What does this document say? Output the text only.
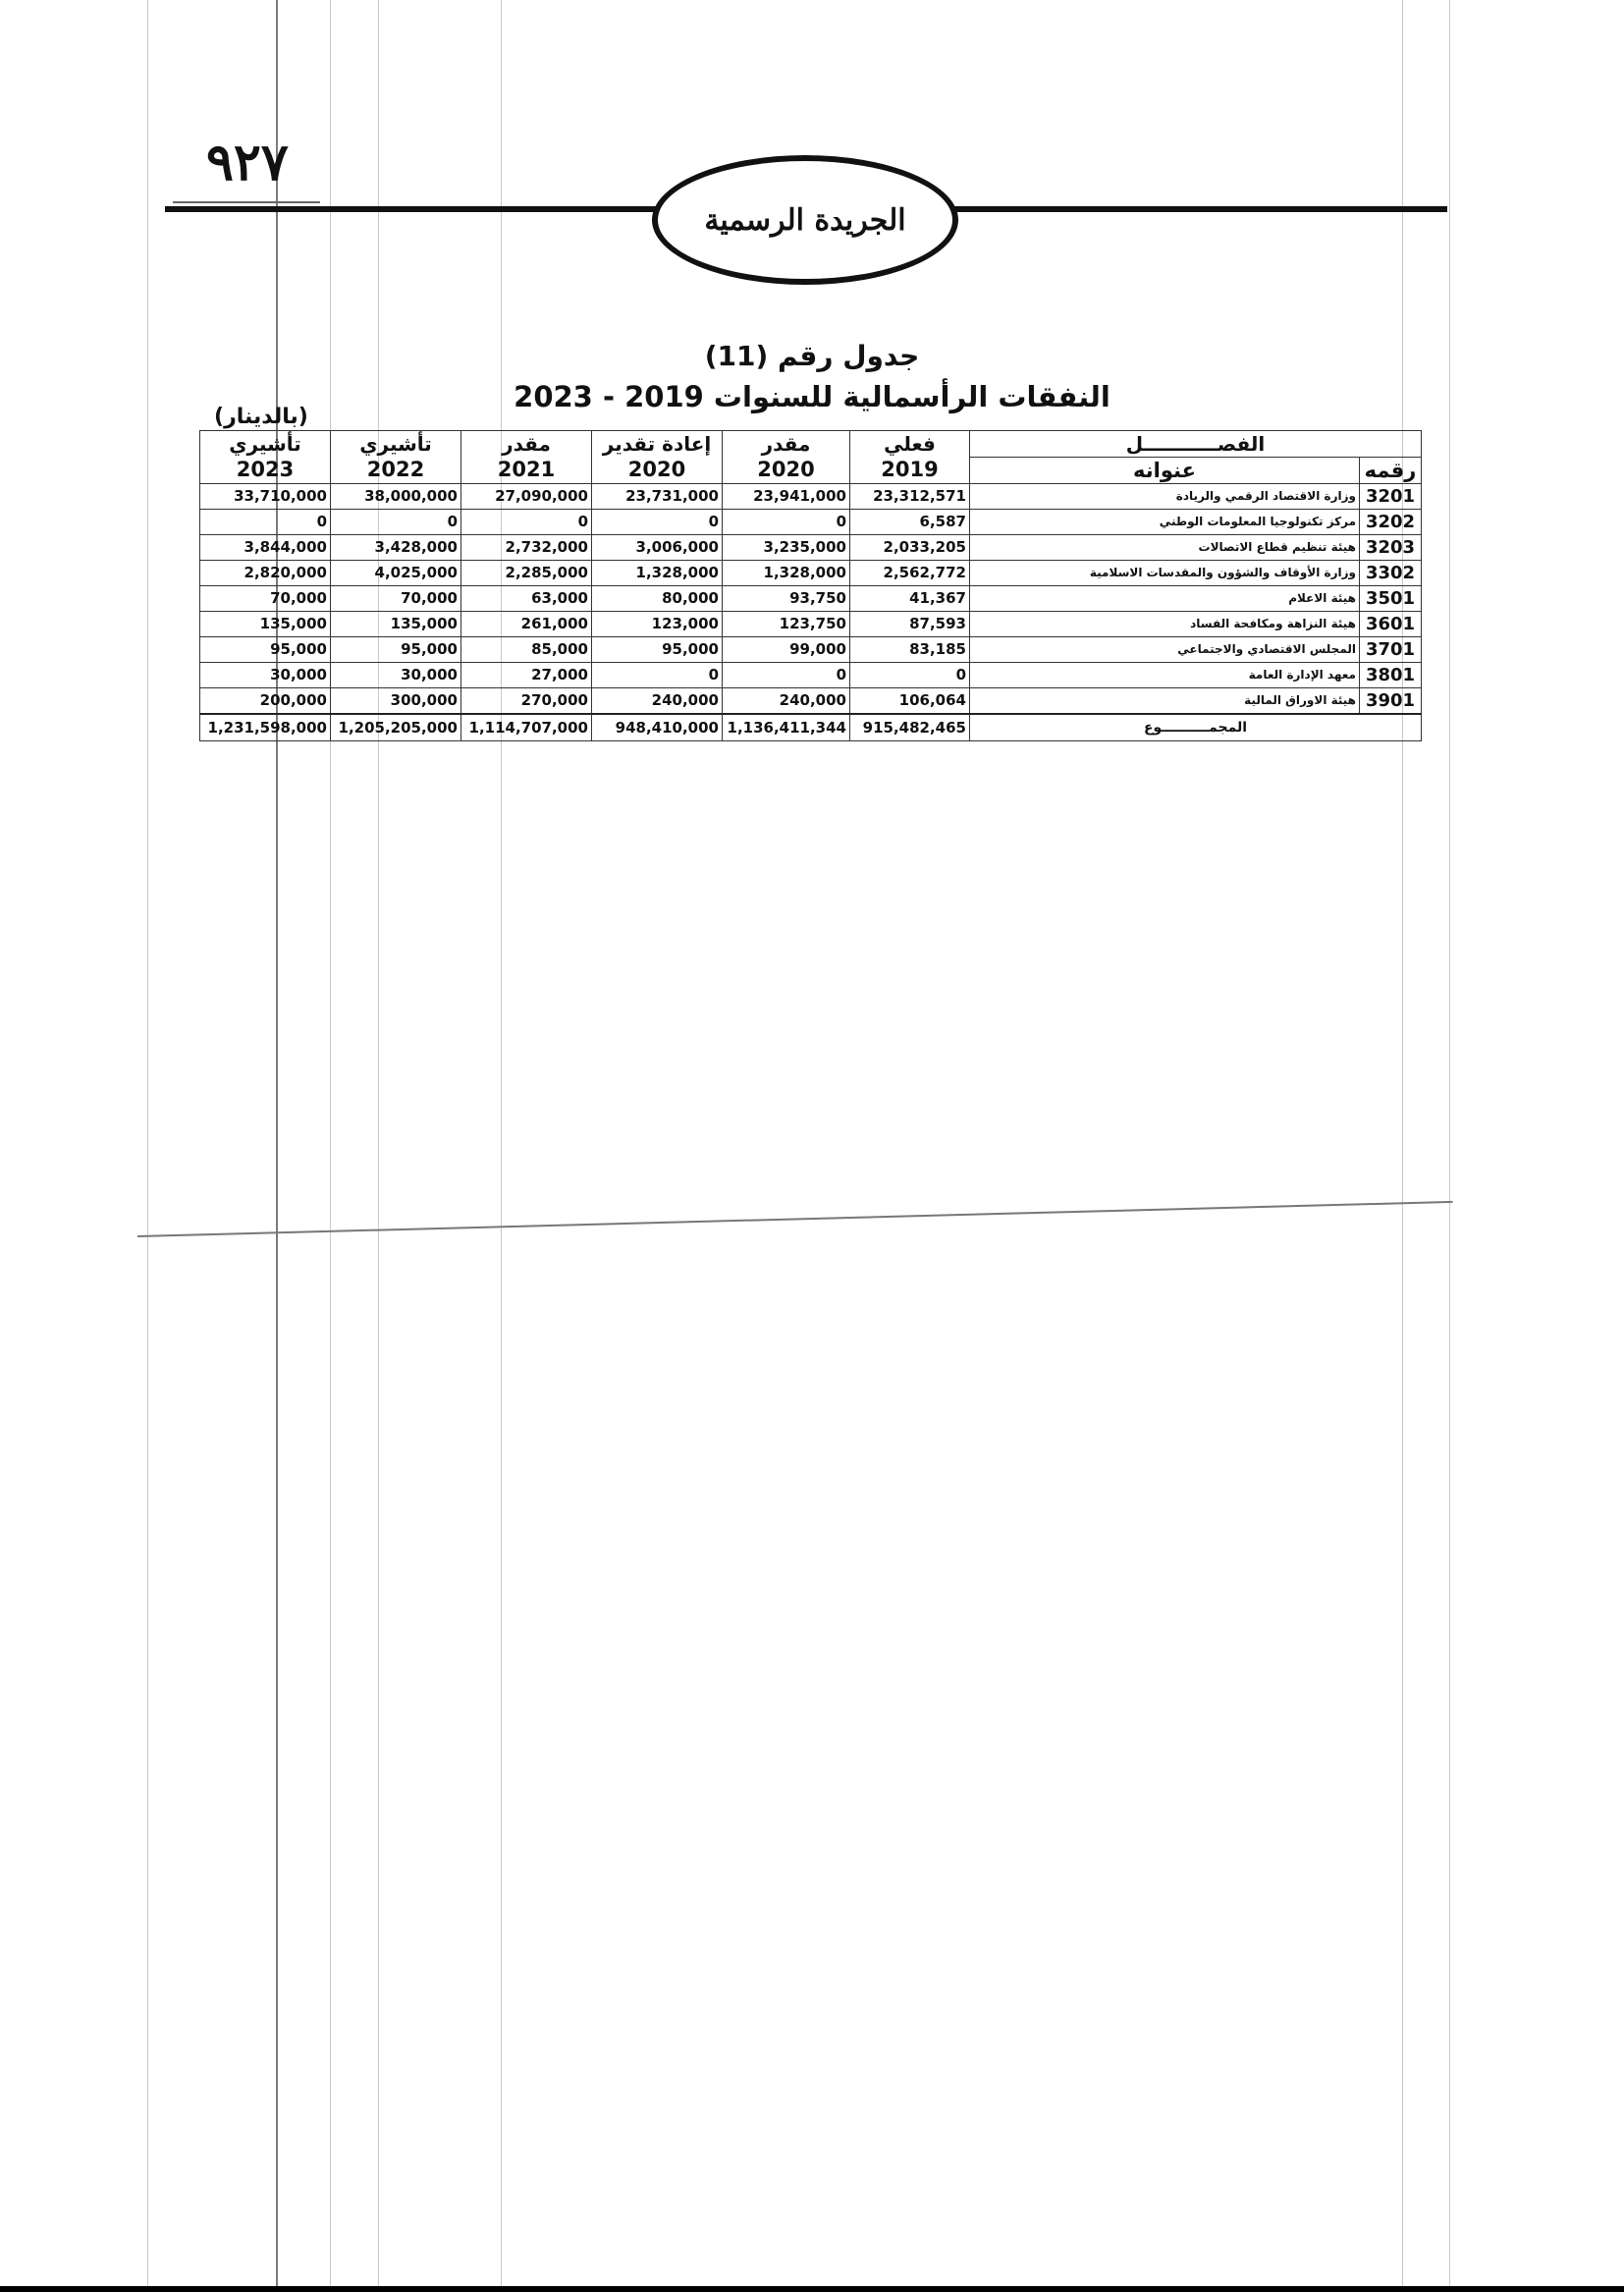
٩٢٧
الجريدة الرسمية
جدول رقم (11)
النفقات الرأسمالية للسنوات 2019 - 2023
(بالدينار)
تأشيري	تأشيري	مقدر	إعادة تقدير	مقدر	فعلي	الفصـــــــــــل	
2023	2022	2021	2020	2020	2019	عنوانه	رقمه
33,710,000	38,000,000	27,090,000	23,731,000	23,941,000	23,312,571	وزارة الاقتصاد الرقمي والريادة	3201
0	0	0	0	0	6,587	مركز تكنولوجيا المعلومات الوطني	3202
3,844,000	3,428,000	2,732,000	3,006,000	3,235,000	2,033,205	هيئة تنظيم قطاع الاتصالات	3203
2,820,000	4,025,000	2,285,000	1,328,000	1,328,000	2,562,772	وزارة الأوقاف والشؤون والمقدسات الاسلامية	3302
70,000	70,000	63,000	80,000	93,750	41,367	هيئة الاعلام	3501
135,000	135,000	261,000	123,000	123,750	87,593	هيئة النزاهة ومكافحة الفساد	3601
95,000	95,000	85,000	95,000	99,000	83,185	المجلس الاقتصادي والاجتماعي	3701
30,000	30,000	27,000	0	0	0	معهد الإدارة العامة	3801
200,000	300,000	270,000	240,000	240,000	106,064	هيئة الاوراق المالية	3901
1,231,598,000	1,205,205,000	1,114,707,000	948,410,000	1,136,411,344	915,482,465	المجمــــــــــوع	
